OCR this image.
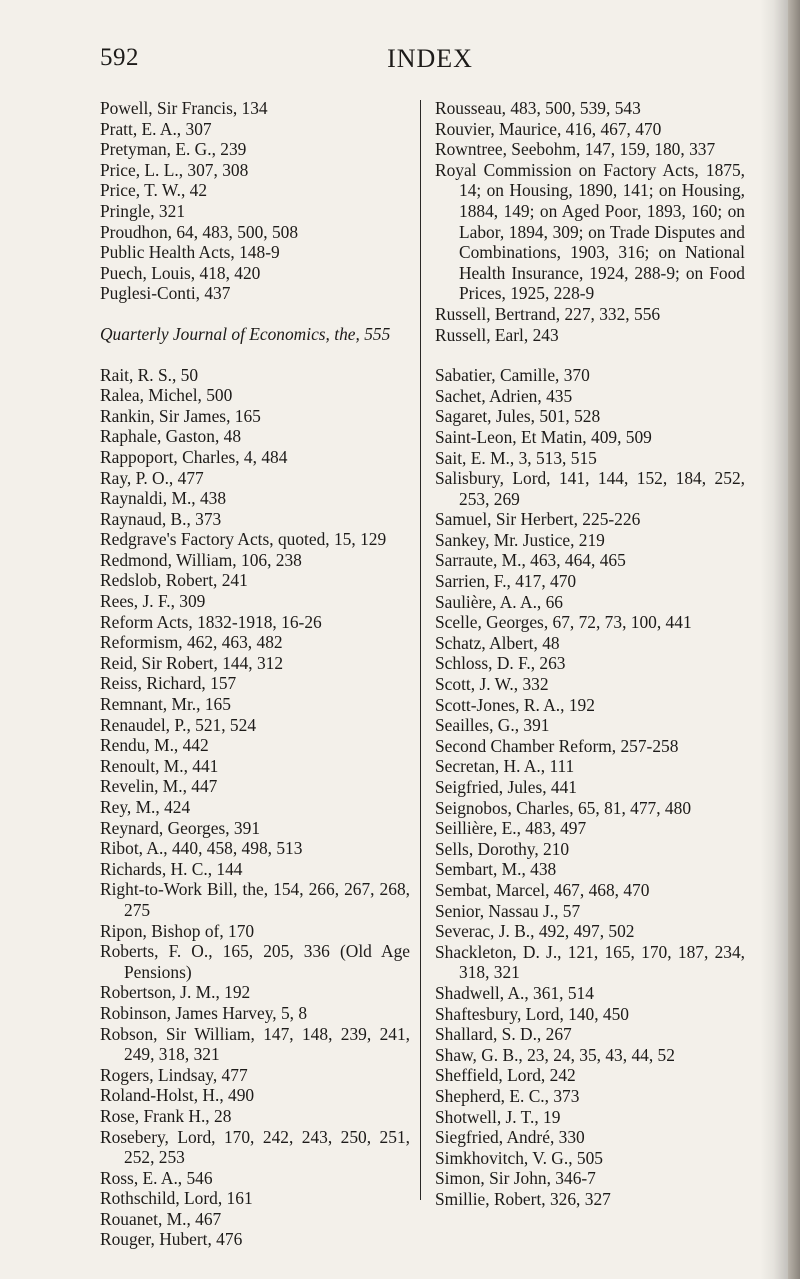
592	INDEX
Powell, Sir Francis, 134
Pratt, E. A., 307
Pretyman, E. G., 239
Price, L. L., 307, 308
Price, T. W., 42
Pringle, 321
Proudhon, 64, 483, 500, 508
Public Health Acts, 148-9
Puech, Louis, 418, 420
Puglesi-Conti, 437
Quarterly Journal of Economics, the, 555
Rait, R. S., 50
Ralea, Michel, 500
Rankin, Sir James, 165
Raphale, Gaston, 48
Rappoport, Charles, 4, 484
Ray, P. O., 477
Raynaldi, M., 438
Raynaud, B., 373
Redgrave's Factory Acts, quoted, 15, 129
Redmond, William, 106, 238
Redslob, Robert, 241
Rees, J. F., 309
Reform Acts, 1832-1918, 16-26
Reformism, 462, 463, 482
Reid, Sir Robert, 144, 312
Reiss, Richard, 157
Remnant, Mr., 165
Renaudel, P., 521, 524
Rendu, M., 442
Renoult, M., 441
Revelin, M., 447
Rey, M., 424
Reynard, Georges, 391
Ribot, A., 440, 458, 498, 513
Richards, H. C., 144
Right-to-Work Bill, the, 154, 266, 267, 268, 275
Ripon, Bishop of, 170
Roberts, F. O., 165, 205, 336 (Old Age Pensions)
Robertson, J. M., 192
Robinson, James Harvey, 5, 8
Robson, Sir William, 147, 148, 239, 241, 249, 318, 321
Rogers, Lindsay, 477
Roland-Holst, H., 490
Rose, Frank H., 28
Rosebery, Lord, 170, 242, 243, 250, 251, 252, 253
Ross, E. A., 546
Rothschild, Lord, 161
Rouanet, M., 467
Rouger, Hubert, 476
Rousseau, 483, 500, 539, 543
Rouvier, Maurice, 416, 467, 470
Rowntree, Seebohm, 147, 159, 180, 337
Royal Commission on Factory Acts, 1875, 14; on Housing, 1890, 141; on Housing, 1884, 149; on Aged Poor, 1893, 160; on Labor, 1894, 309; on Trade Disputes and Combinations, 1903, 316; on National Health Insurance, 1924, 288-9; on Food Prices, 1925, 228-9
Russell, Bertrand, 227, 332, 556
Russell, Earl, 243
Sabatier, Camille, 370
Sachet, Adrien, 435
Sagaret, Jules, 501, 528
Saint-Leon, Et Matin, 409, 509
Sait, E. M., 3, 513, 515
Salisbury, Lord, 141, 144, 152, 184, 252, 253, 269
Samuel, Sir Herbert, 225-226
Sankey, Mr. Justice, 219
Sarraute, M., 463, 464, 465
Sarrien, F., 417, 470
Saulière, A. A., 66
Scelle, Georges, 67, 72, 73, 100, 441
Schatz, Albert, 48
Schloss, D. F., 263
Scott, J. W., 332
Scott-Jones, R. A., 192
Seailles, G., 391
Second Chamber Reform, 257-258
Secretan, H. A., 111
Seigfried, Jules, 441
Seignobos, Charles, 65, 81, 477, 480
Seillière, E., 483, 497
Sells, Dorothy, 210
Sembart, M., 438
Sembat, Marcel, 467, 468, 470
Senior, Nassau J., 57
Severac, J. B., 492, 497, 502
Shackleton, D. J., 121, 165, 170, 187, 234, 318, 321
Shadwell, A., 361, 514
Shaftesbury, Lord, 140, 450
Shallard, S. D., 267
Shaw, G. B., 23, 24, 35, 43, 44, 52
Sheffield, Lord, 242
Shepherd, E. C., 373
Shotwell, J. T., 19
Siegfried, André, 330
Simkhovitch, V. G., 505
Simon, Sir John, 346-7
Smillie, Robert, 326, 327
